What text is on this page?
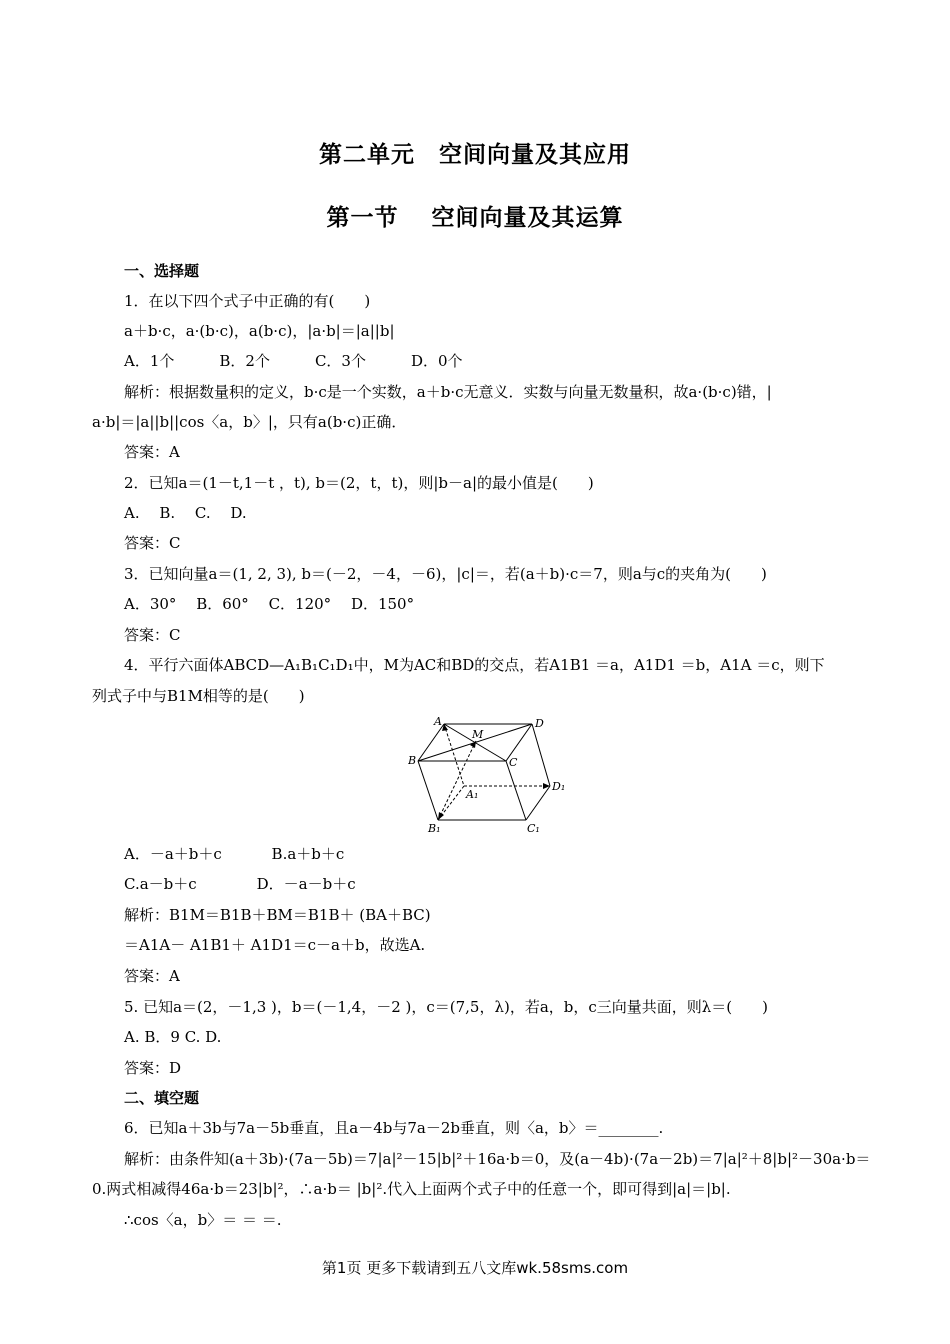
第二单元　空间向量及其应用
第一节　 空间向量及其运算
一、选择题
1．在以下四个式子中正确的有(　　)
a＋b·c，a·(b·c)，a(b·c)，|a·b|＝|a||b|
A．1个　　　B．2个　　　C．3个　　　D．0个
解析：根据数量积的定义，b·c是一个实数，a＋b·c无意义．实数与向量无数量积，故a·(b·c)错，|
a·b|＝|a||b||cos〈a，b〉|，只有a(b·c)正确．
答案：A
2．已知a＝(1－t,1－t ，t), b＝(2，t，t)，则|b－a|的最小值是(　　)
A.　 B.　 C.　 D.
答案：C
3．已知向量a＝(1, 2, 3), b＝(－2，－4，－6)，|c|＝，若(a＋b)·c＝7，则a与c的夹角为(　　)
A．30°　 B．60°　 C．120°　 D．150°
答案：C
4．平行六面体ABCD—A₁B₁C₁D₁中，M为AC和BD的交点，若A1B1 ＝a，A1D1 ＝b，A1A ＝c，则下
列式子中与B1M相等的是(　　)
A
M
D
B	C
A₁
D₁
B₁	C₁
A．－a＋b＋c　　　 B.a＋b＋c
C.a－b＋c　　　　D．－a－b＋c
解析：B1M＝B1B＋BM＝B1B＋ (BA＋BC)
＝A1A－ A1B1＋ A1D1＝c－a＋b，故选A.
答案：A
5. 已知a＝(2，－1,3 )，b＝(－1,4，－2 )，c＝(7,5，λ)，若a，b，c三向量共面，则λ＝(　　)
A. B．9 C. D.
答案：D
二、填空题
6．已知a＋3b与7a－5b垂直，且a－4b与7a－2b垂直，则〈a，b〉＝________.
解析：由条件知(a＋3b)·(7a－5b)＝7|a|²－15|b|²＋16a·b＝0，及(a－4b)·(7a－2b)＝7|a|²＋8|b|²－30a·b＝
0.两式相减得46a·b＝23|b|²，∴a·b＝ |b|².代入上面两个式子中的任意一个，即可得到|a|＝|b|.
∴cos〈a，b〉＝ ＝ ＝.
第1页 更多下载请到五八文库wk.58sms.com
